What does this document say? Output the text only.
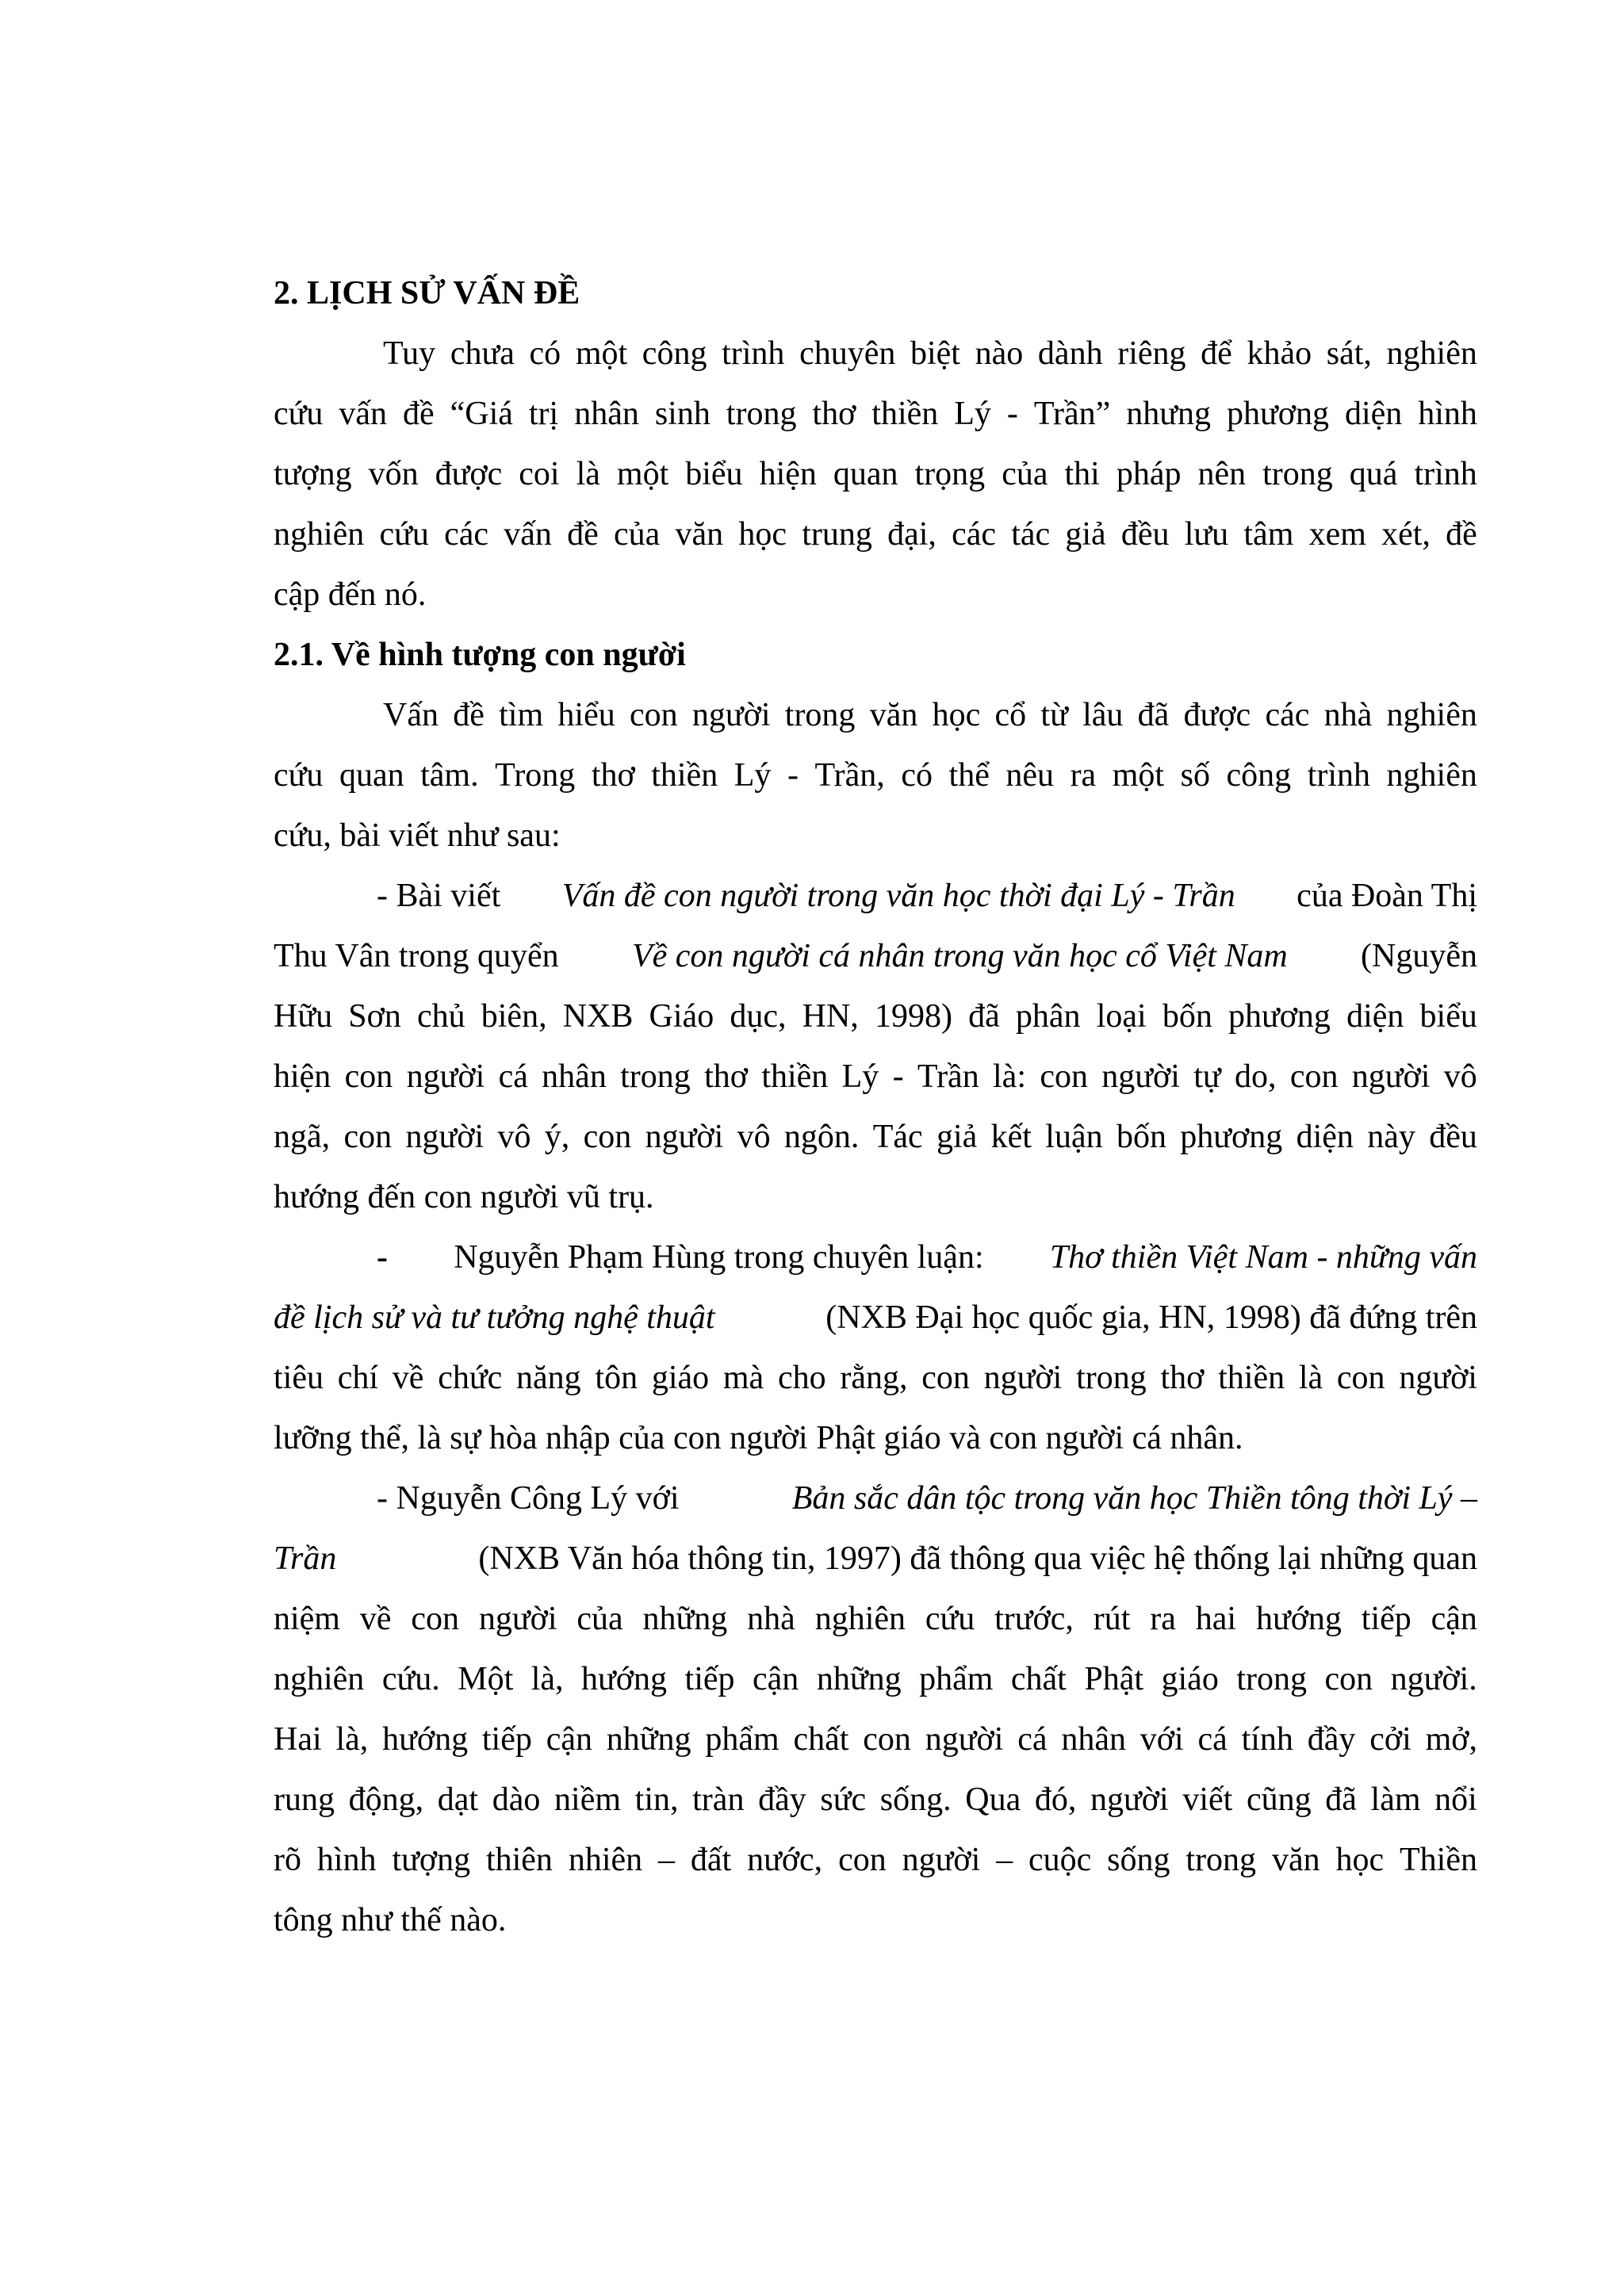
2. LỊCH SỬ VẤN ĐỀ
Tuy chưa có một công trình chuyên biệt nào dành riêng để khảo sát, nghiên
cứu vấn đề “Giá trị nhân sinh trong thơ thiền Lý - Trần” nhưng phương diện hình
tượng vốn được coi là một biểu hiện quan trọng của thi pháp nên trong quá trình
nghiên cứu các vấn đề của văn học trung đại, các tác giả đều lưu tâm xem xét, đề
cập đến nó.
2.1. Về hình tượng con người
Vấn đề tìm hiểu con người trong văn học cổ từ lâu đã được các nhà nghiên
cứu quan tâm. Trong thơ thiền Lý - Trần, có thể nêu ra một số công trình nghiên
cứu, bài viết như sau:
- Bài viết Vấn đề con người trong văn học thời đại Lý - Trần của Đoàn Thị
Thu Vân trong quyển Về con người cá nhân trong văn học cổ Việt Nam (Nguyễn
Hữu Sơn chủ biên, NXB Giáo dục, HN, 1998) đã phân loại bốn phương diện biểu
hiện con người cá nhân trong thơ thiền Lý - Trần là: con người tự do, con người vô
ngã, con người vô ý, con người vô ngôn. Tác giả kết luận bốn phương diện này đều
hướng đến con người vũ trụ.
- Nguyễn Phạm Hùng trong chuyên luận: Thơ thiền Việt Nam - những vấn
đề lịch sử và tư tưởng nghệ thuật	(NXB Đại học quốc gia, HN, 1998) đã đứng trên
tiêu chí về chức năng tôn giáo mà cho rằng, con người trong thơ thiền là con người
lưỡng thể, là sự hòa nhập của con người Phật giáo và con người cá nhân.
- Nguyễn Công Lý với	Bản sắc dân tộc trong văn học Thiền tông thời Lý –
Trần	(NXB Văn hóa thông tin, 1997) đã thông qua việc hệ thống lại những quan
niệm về con người của những nhà nghiên cứu trước, rút ra hai hướng tiếp cận
nghiên cứu. Một là, hướng tiếp cận những phẩm chất Phật giáo trong con người.
Hai là, hướng tiếp cận những phẩm chất con người cá nhân với cá tính đầy cởi mở,
rung động, dạt dào niềm tin, tràn đầy sức sống. Qua đó, người viết cũng đã làm nổi
rõ hình tượng thiên nhiên – đất nước, con người – cuộc sống trong văn học Thiền
tông như thế nào.
